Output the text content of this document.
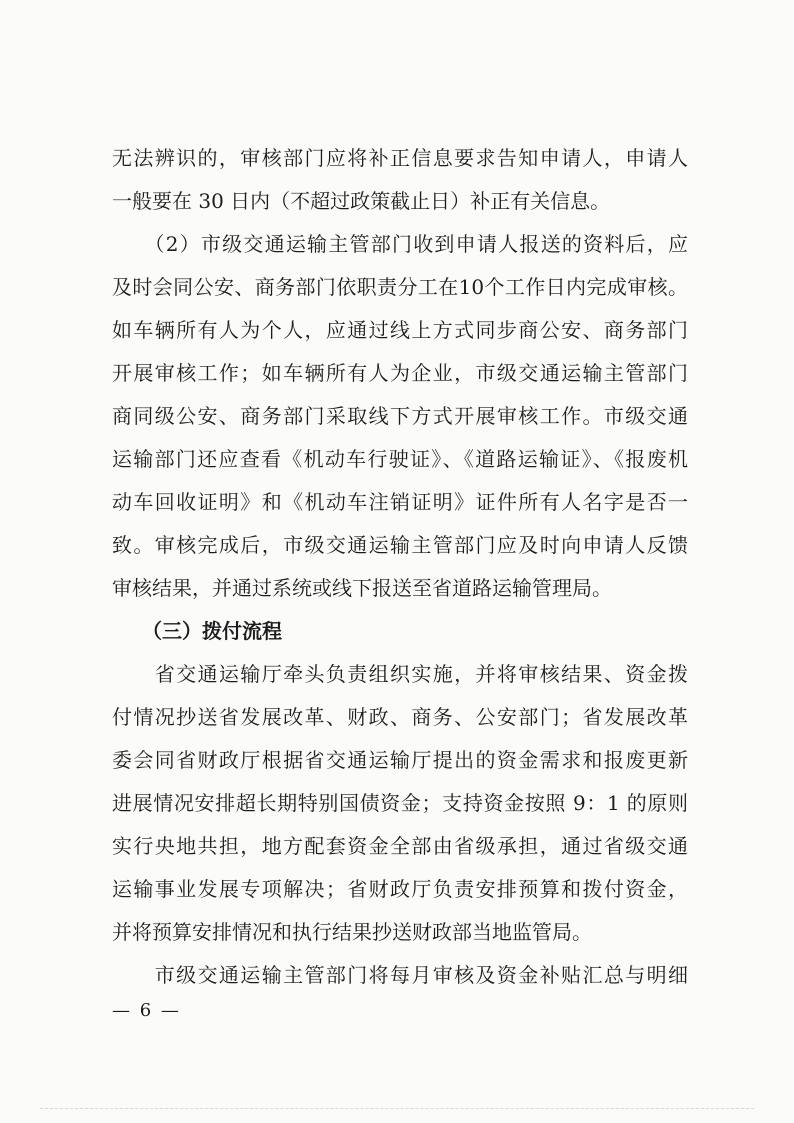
无法辨识的，审核部门应将补正信息要求告知申请人，申请人
一般要在 30 日内（不超过政策截止日）补正有关信息。
　　（2）市级交通运输主管部门收到申请人报送的资料后，应
及时会同公安、商务部门依职责分工在10个工作日内完成审核。
如车辆所有人为个人，应通过线上方式同步商公安、商务部门
开展审核工作；如车辆所有人为企业，市级交通运输主管部门
商同级公安、商务部门采取线下方式开展审核工作。市级交通
运输部门还应查看《机动车行驶证》、《道路运输证》、《报废机
动车回收证明》和《机动车注销证明》证件所有人名字是否一
致。审核完成后，市级交通运输主管部门应及时向申请人反馈
审核结果，并通过系统或线下报送至省道路运输管理局。
　　（三）拨付流程
　　省交通运输厅牵头负责组织实施，并将审核结果、资金拨
付情况抄送省发展改革、财政、商务、公安部门；省发展改革
委会同省财政厅根据省交通运输厅提出的资金需求和报废更新
进展情况安排超长期特别国债资金；支持资金按照 9：1 的原则
实行央地共担，地方配套资金全部由省级承担，通过省级交通
运输事业发展专项解决；省财政厅负责安排预算和拨付资金，
并将预算安排情况和执行结果抄送财政部当地监管局。
　　市级交通运输主管部门将每月审核及资金补贴汇总与明细
— 6 —
